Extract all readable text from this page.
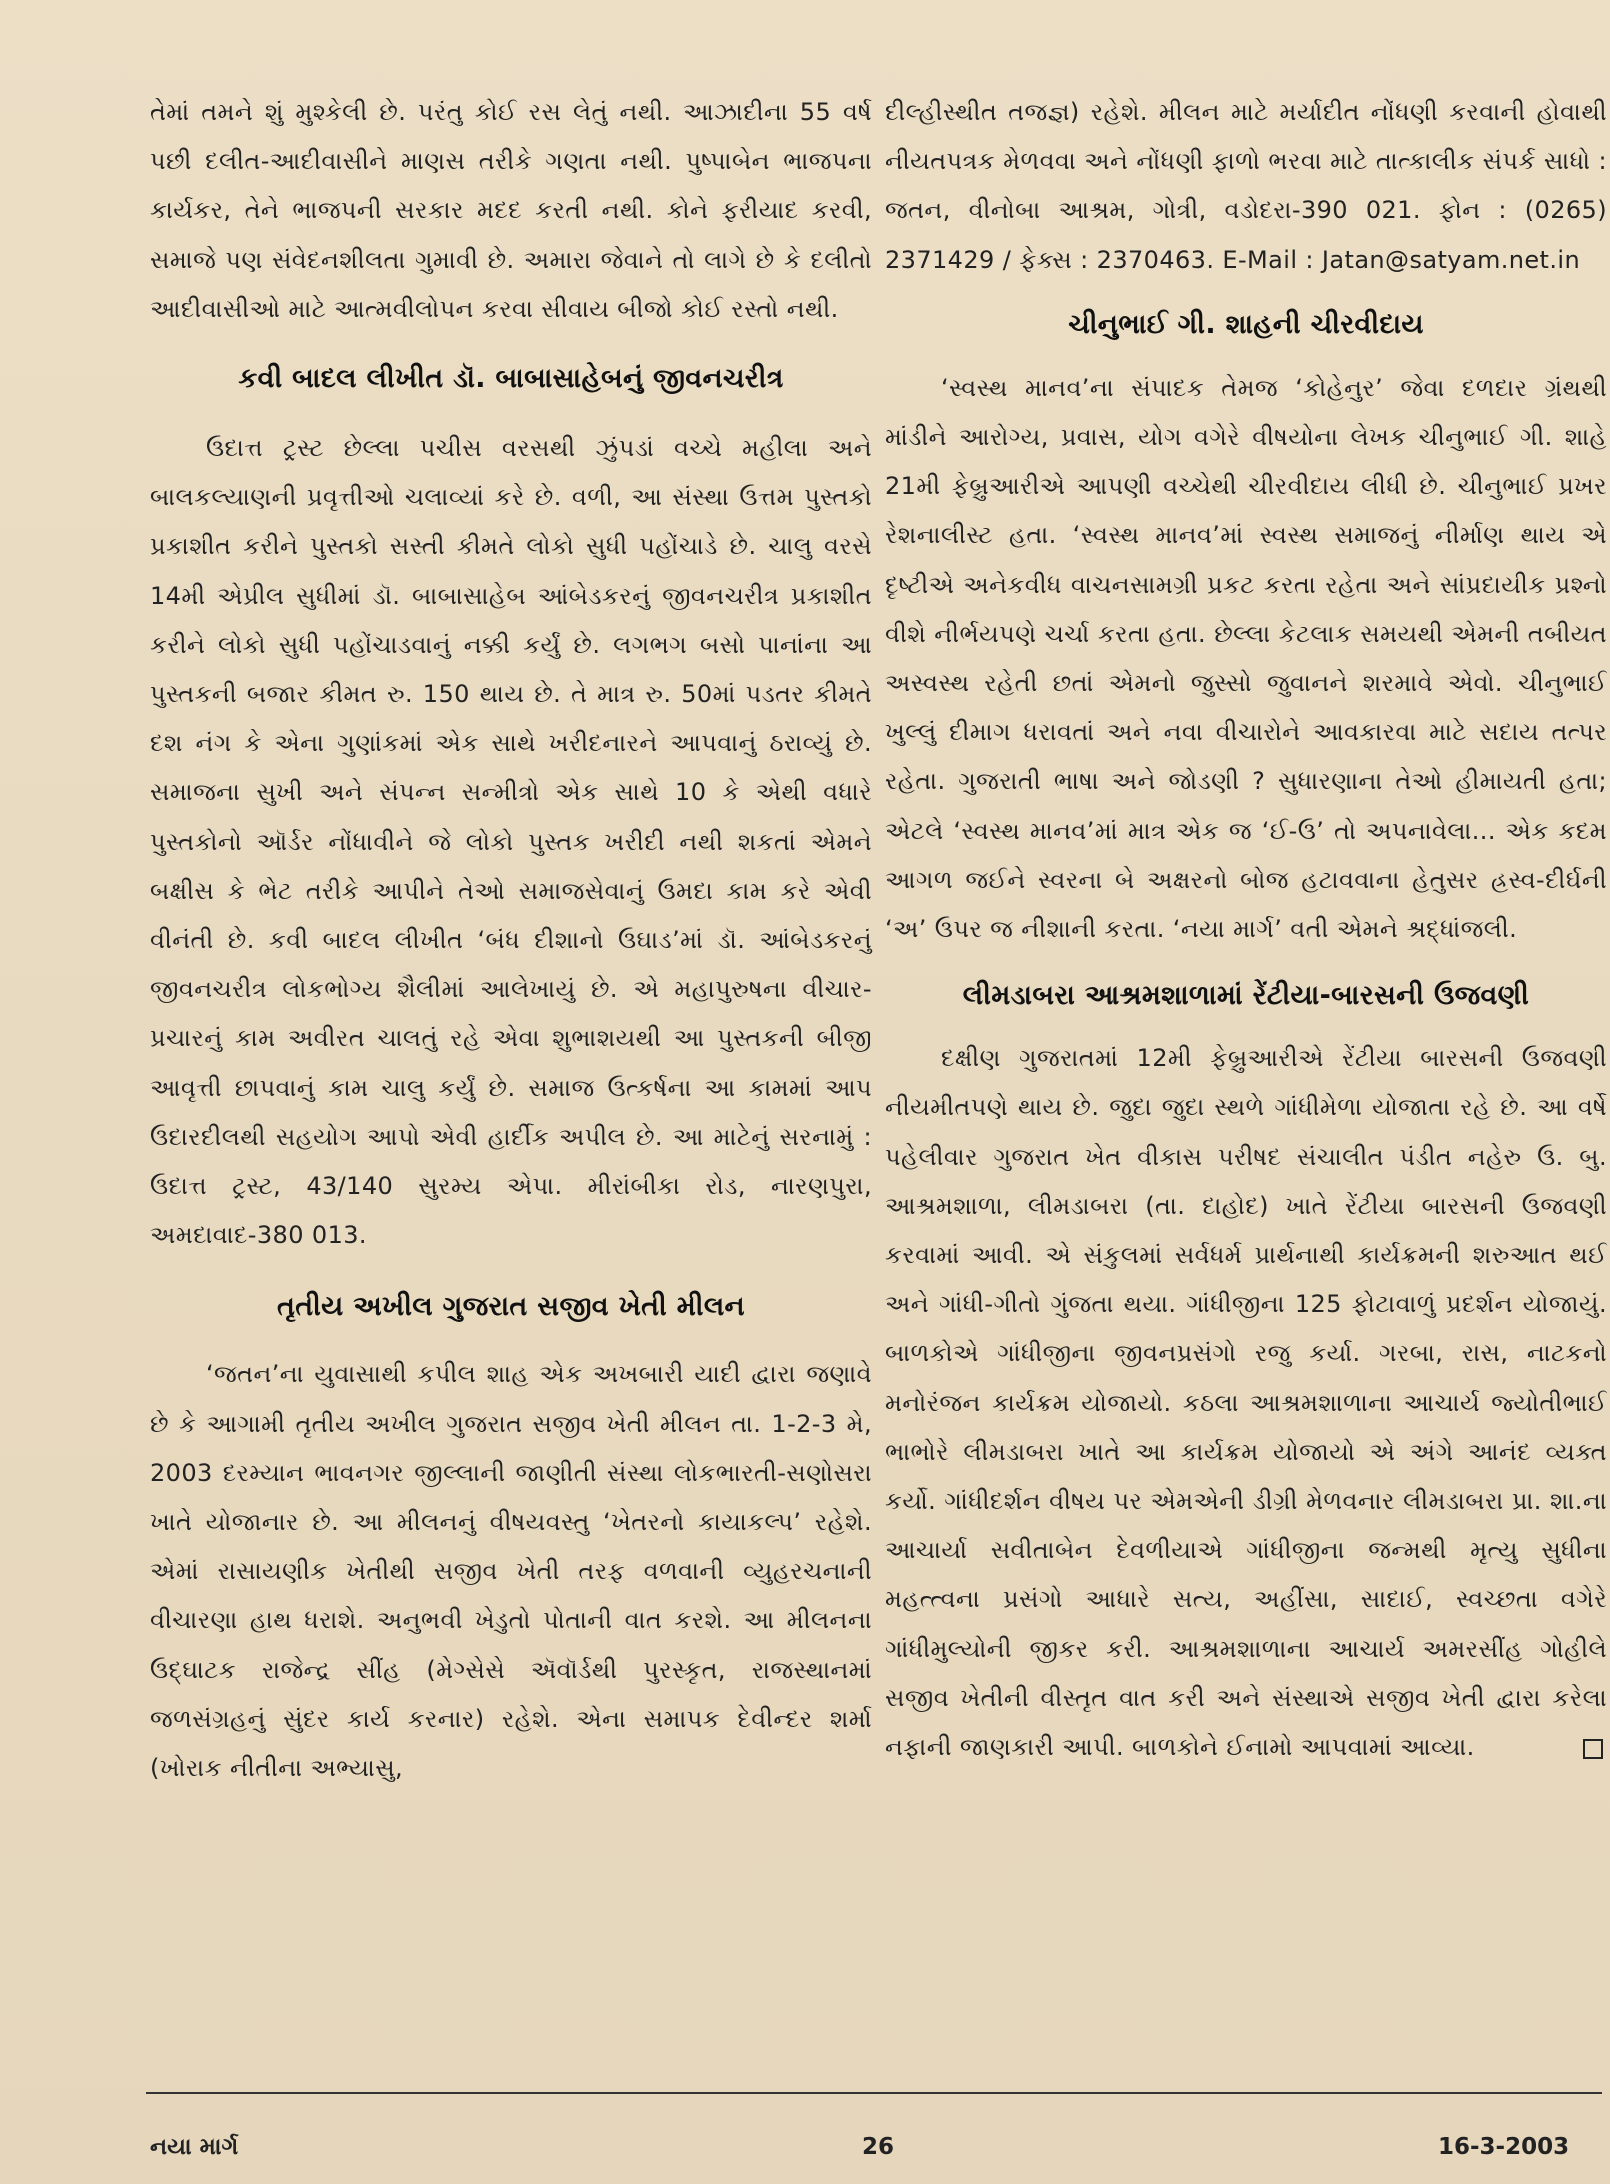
તેમાં તમને શું મુશ્કેલી છે. પરંતુ કોઈ રસ લેતું નથી. આઝાદીના 55 વર્ષ પછી દલીત-આદીવાસીને માણસ તરીકે ગણતા નથી. પુષ્પાબેન ભાજપના કાર્યકર, તેને ભાજપની સરકાર મદદ કરતી નથી. કોને ફરીયાદ કરવી, સમાજે પણ સંવેદનશીલતા ગુમાવી છે. અમારા જેવાને તો લાગે છે કે દલીતો આદીવાસીઓ માટે આત્મવીલોપન કરવા સીવાય બીજો કોઈ રસ્તો નથી.

કવી બાદલ લીખીત ડૉ. બાબાસાહેબનું જીવનચરીત્ર

ઉદાત્ત ટ્રસ્ટ છેલ્લા પચીસ વરસથી ઝુંપડાં વચ્ચે મહીલા અને બાલકલ્યાણની પ્રવૃત્તીઓ ચલાવ્યાં કરે છે. વળી, આ સંસ્થા ઉત્તમ પુસ્તકો પ્રકાશીત કરીને પુસ્તકો સસ્તી કીમતે લોકો સુધી પહોંચાડે છે. ચાલુ વરસે 14મી એપ્રીલ સુધીમાં ડૉ. બાબાસાહેબ આંબેડકરનું જીવનચરીત્ર પ્રકાશીત કરીને લોકો સુધી પહોંચાડવાનું નક્કી કર્યું છે. લગભગ બસો પાનાંના આ પુસ્તકની બજાર કીમત રુ. 150 થાય છે. તે માત્ર રુ. 50માં પડતર કીમતે દશ નંગ કે એના ગુણાંકમાં એક સાથે ખરીદનારને આપવાનું ઠરાવ્યું છે. સમાજના સુખી અને સંપન્ન સન્મીત્રો એક સાથે 10 કે એથી વધારે પુસ્તકોનો ઑર્ડર નોંધાવીને જે લોકો પુસ્તક ખરીદી નથી શકતાં એમને બક્ષીસ કે ભેટ તરીકે આપીને તેઓ સમાજસેવાનું ઉમદા કામ કરે એવી વીનંતી છે. કવી બાદલ લીખીત ‘બંધ દીશાનો ઉઘાડ’માં ડૉ. આંબેડકરનું જીવનચરીત્ર લોકભોગ્ય શૈલીમાં આલેખાયું છે. એ મહાપુરુષના વીચાર-પ્રચારનું કામ અવીરત ચાલતું રહે એવા શુભાશયથી આ પુસ્તકની બીજી આવૃત્તી છાપવાનું કામ ચાલુ કર્યું છે. સમાજ ઉત્કર્ષના આ કામમાં આપ ઉદારદીલથી સહયોગ આપો એવી હાર્દીક અપીલ છે. આ માટેનું સરનામું : ઉદાત્ત ટ્રસ્ટ, 43/140 સુરમ્ય એપા. મીરાંબીકા રોડ, નારણપુરા, અમદાવાદ-380 013.

તૃતીય અખીલ ગુજરાત સજીવ ખેતી મીલન

‘જતન’ના યુવાસાથી કપીલ શાહ એક અખબારી યાદી દ્વારા જણાવે છે કે આગામી તૃતીય અખીલ ગુજરાત સજીવ ખેતી મીલન તા. 1-2-3 મે, 2003 દરમ્યાન ભાવનગર જીલ્લાની જાણીતી સંસ્થા લોકભારતી-સણોસરા ખાતે યોજાનાર છે. આ મીલનનું વીષયવસ્તુ ‘ખેતરનો કાયાકલ્પ’ રહેશે. એમાં રાસાયણીક ખેતીથી સજીવ ખેતી તરફ વળવાની વ્યુહરચનાની વીચારણા હાથ ધરાશે. અનુભવી ખેડુતો પોતાની વાત કરશે. આ મીલનના ઉદ્ઘાટક રાજેન્દ્ર સીંહ (મેગ્સેસે ઍવૉર્ડથી પુરસ્કૃત, રાજસ્થાનમાં જળસંગ્રહનું સુંદર કાર્ય કરનાર) રહેશે. એના સમાપક દેવીન્દર શર્મા (ખોરાક નીતીના અભ્યાસુ,

દીલ્હીસ્થીત તજજ્ઞ) રહેશે. મીલન માટે મર્યાદીત નોંધણી કરવાની હોવાથી નીયતપત્રક મેળવવા અને નોંધણી ફાળો ભરવા માટે તાત્કાલીક સંપર્ક સાધો : જતન, વીનોબા આશ્રમ, ગોત્રી, વડોદરા-390 021. ફોન : (0265) 2371429 / ફેક્સ : 2370463. E-Mail : Jatan@satyam.net.in

ચીનુભાઈ ગી. શાહની ચીરવીદાય

‘સ્વસ્થ માનવ’ના સંપાદક તેમજ ‘કોહેનુર’ જેવા દળદાર ગ્રંથથી માંડીને આરોગ્ય, પ્રવાસ, યોગ વગેરે વીષયોના લેખક ચીનુભાઈ ગી. શાહે 21મી ફેબ્રુઆરીએ આપણી વચ્ચેથી ચીરવીદાય લીધી છે. ચીનુભાઈ પ્રખર રેશનાલીસ્ટ હતા. ‘સ્વસ્થ માનવ’માં સ્વસ્થ સમાજનું નીર્માણ થાય એ દૃષ્ટીએ અનેકવીધ વાચનસામગ્રી પ્રકટ કરતા રહેતા અને સાંપ્રદાયીક પ્રશ્નો વીશે નીર્ભયપણે ચર્ચા કરતા હતા. છેલ્લા કેટલાક સમયથી એમની તબીયત અસ્વસ્થ રહેતી છતાં એમનો જુસ્સો જુવાનને શરમાવે એવો. ચીનુભાઈ ખુલ્લું દીમાગ ધરાવતાં અને નવા વીચારોને આવકારવા માટે સદાય તત્પર રહેતા. ગુજરાતી ભાષા અને જોડણી ? સુધારણાના તેઓ હીમાયતી હતા; એટલે ‘સ્વસ્થ માનવ’માં માત્ર એક જ ‘ઈ-ઉ’ તો અપનાવેલા... એક કદમ આગળ જઈને સ્વરના બે અક્ષરનો બોજ હટાવવાના હેતુસર હ્રસ્વ-દીર્ઘની ‘અ’ ઉપર જ નીશાની કરતા. ‘નયા માર્ગ’ વતી એમને શ્રદ્ધાંજલી.

લીમડાબરા આશ્રમશાળામાં રેંટીયા-બારસની ઉજવણી

દક્ષીણ ગુજરાતમાં 12મી ફેબ્રુઆરીએ રેંટીયા બારસની ઉજવણી નીયમીતપણે થાય છે. જુદા જુદા સ્થળે ગાંધીમેળા યોજાતા રહે છે. આ વર્ષે પહેલીવાર ગુજરાત ખેત વીકાસ પરીષદ સંચાલીત પંડીત નહેરુ ઉ. બુ. આશ્રમશાળા, લીમડાબરા (તા. દાહોદ) ખાતે રેંટીયા બારસની ઉજવણી કરવામાં આવી. એ સંકુલમાં સર્વધર્મ પ્રાર્થનાથી કાર્યક્રમની શરુઆત થઈ અને ગાંધી-ગીતો ગુંજતા થયા. ગાંધીજીના 125 ફોટાવાળું પ્રદર્શન યોજાયું. બાળકોએ ગાંધીજીના જીવનપ્રસંગો રજુ કર્યા. ગરબા, રાસ, નાટકનો મનોરંજન કાર્યક્રમ યોજાયો. કઠલા આશ્રમશાળાના આચાર્ય જ્યોતીભાઈ ભાભોરે લીમડાબરા ખાતે આ કાર્યક્રમ યોજાયો એ અંગે આનંદ વ્યક્ત કર્યો. ગાંધીદર્શન વીષય પર એમએની ડીગ્રી મેળવનાર લીમડાબરા પ્રા. શા.ના આચાર્યા સવીતાબેન દેવળીયાએ ગાંધીજીના જન્મથી મૃત્યુ સુધીના મહત્ત્વના પ્રસંગો આધારે સત્ય, અહીંસા, સાદાઈ, સ્વચ્છતા વગેરે ગાંધીમુલ્યોની જીકર કરી. આશ્રમશાળાના આચાર્ય અમરસીંહ ગોહીલે સજીવ ખેતીની વીસ્તૃત વાત કરી અને સંસ્થાએ સજીવ ખેતી દ્વારા કરેલા નફાની જાણકારી આપી. બાળકોને ઈનામો આપવામાં આવ્યા.

નયા માર્ગ	26	16-3-2003
